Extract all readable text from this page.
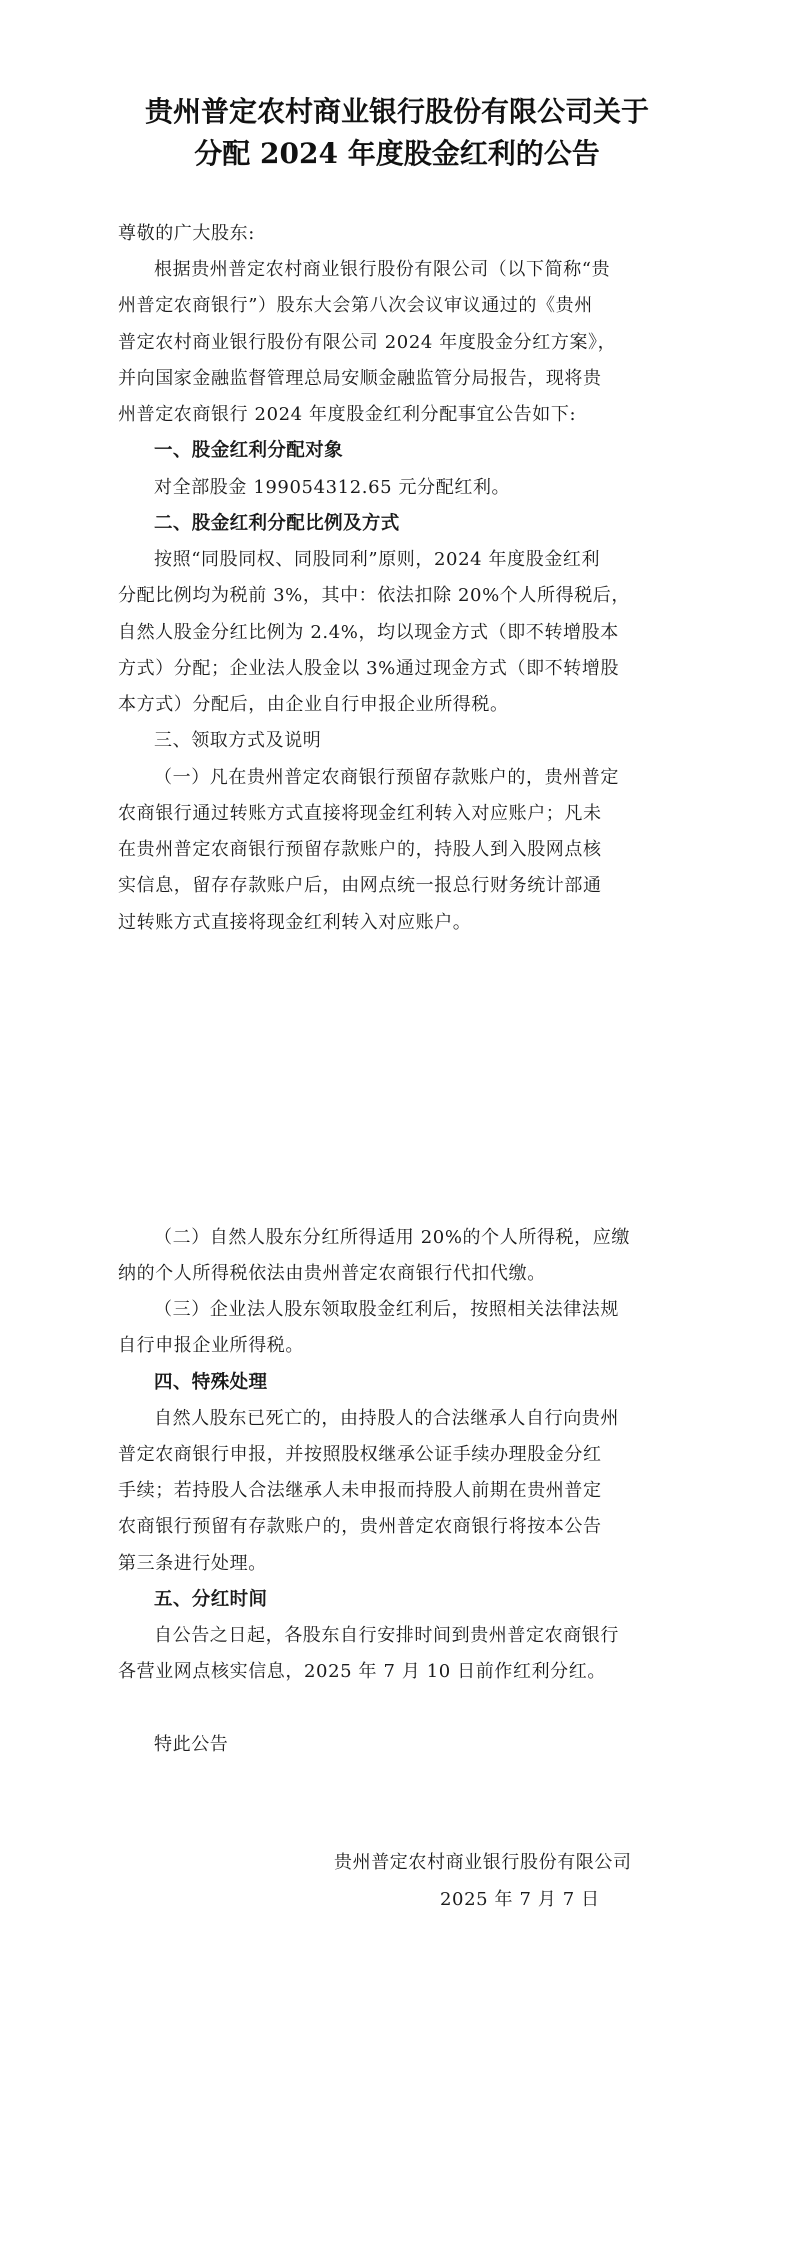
贵州普定农村商业银行股份有限公司关于
分配 2024 年度股金红利的公告
尊敬的广大股东:
根据贵州普定农村商业银行股份有限公司（以下简称“贵
州普定农商银行”）股东大会第八次会议审议通过的《贵州
普定农村商业银行股份有限公司 2024 年度股金分红方案》，
并向国家金融监督管理总局安顺金融监管分局报告，现将贵
州普定农商银行 2024 年度股金红利分配事宜公告如下:
一、股金红利分配对象
对全部股金 199054312.65 元分配红利。
二、股金红利分配比例及方式
按照“同股同权、同股同利”原则，2024 年度股金红利
分配比例均为税前 3%，其中：依法扣除 20%个人所得税后，
自然人股金分红比例为 2.4%，均以现金方式（即不转增股本
方式）分配；企业法人股金以 3%通过现金方式（即不转增股
本方式）分配后，由企业自行申报企业所得税。
三、领取方式及说明
（一）凡在贵州普定农商银行预留存款账户的，贵州普定
农商银行通过转账方式直接将现金红利转入对应账户；凡未
在贵州普定农商银行预留存款账户的，持股人到入股网点核
实信息，留存存款账户后，由网点统一报总行财务统计部通
过转账方式直接将现金红利转入对应账户。
（二）自然人股东分红所得适用 20%的个人所得税，应缴
纳的个人所得税依法由贵州普定农商银行代扣代缴。
（三）企业法人股东领取股金红利后，按照相关法律法规
自行申报企业所得税。
四、特殊处理
自然人股东已死亡的，由持股人的合法继承人自行向贵州
普定农商银行申报，并按照股权继承公证手续办理股金分红
手续；若持股人合法继承人未申报而持股人前期在贵州普定
农商银行预留有存款账户的，贵州普定农商银行将按本公告
第三条进行处理。
五、分红时间
自公告之日起，各股东自行安排时间到贵州普定农商银行
各营业网点核实信息，2025 年 7 月 10 日前作红利分红。
特此公告
贵州普定农村商业银行股份有限公司
2025 年 7 月 7 日
